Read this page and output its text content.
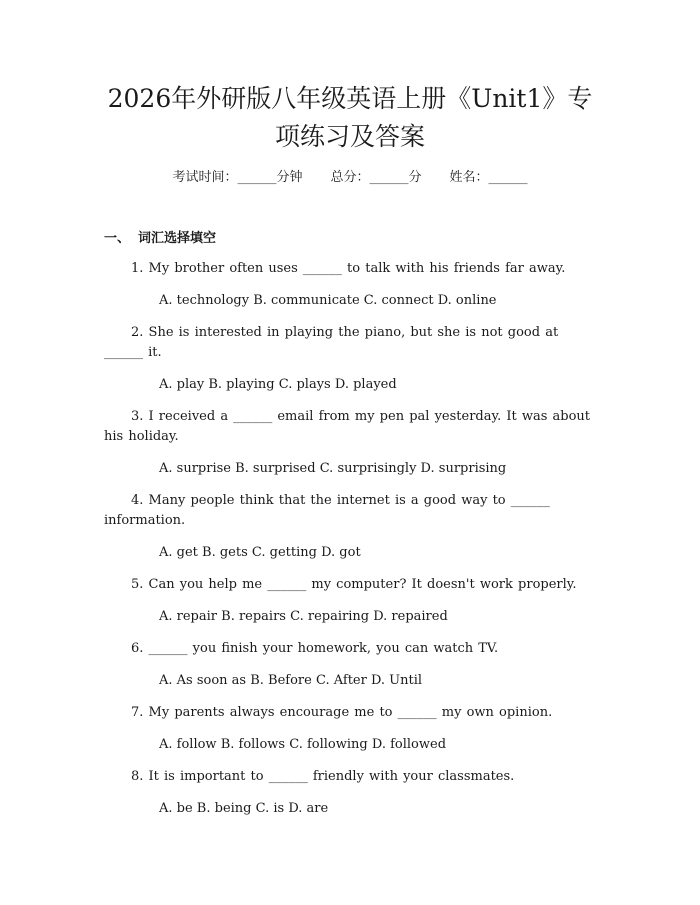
2026年外研版八年级英语上册《Unit1》专
项练习及答案
考试时间：______分钟 总分：______分 姓名：______
一、 词汇选择填空

1. My brother often uses ______ to talk with his friends far away.

A. technology B. communicate C. connect D. online

2. She is interested in playing the piano, but she is not good at ______ it.

A. play B. playing C. plays D. played

3. I received a ______ email from my pen pal yesterday. It was about his holiday.

A. surprise B. surprised C. surprisingly D. surprising

4. Many people think that the internet is a good way to ______ information.

A. get B. gets C. getting D. got

5. Can you help me ______ my computer? It doesn't work properly.

A. repair B. repairs C. repairing D. repaired

6. ______ you finish your homework, you can watch TV.

A. As soon as B. Before C. After D. Until

7. My parents always encourage me to ______ my own opinion.

A. follow B. follows C. following D. followed

8. It is important to ______ friendly with your classmates.

A. be B. being C. is D. are
